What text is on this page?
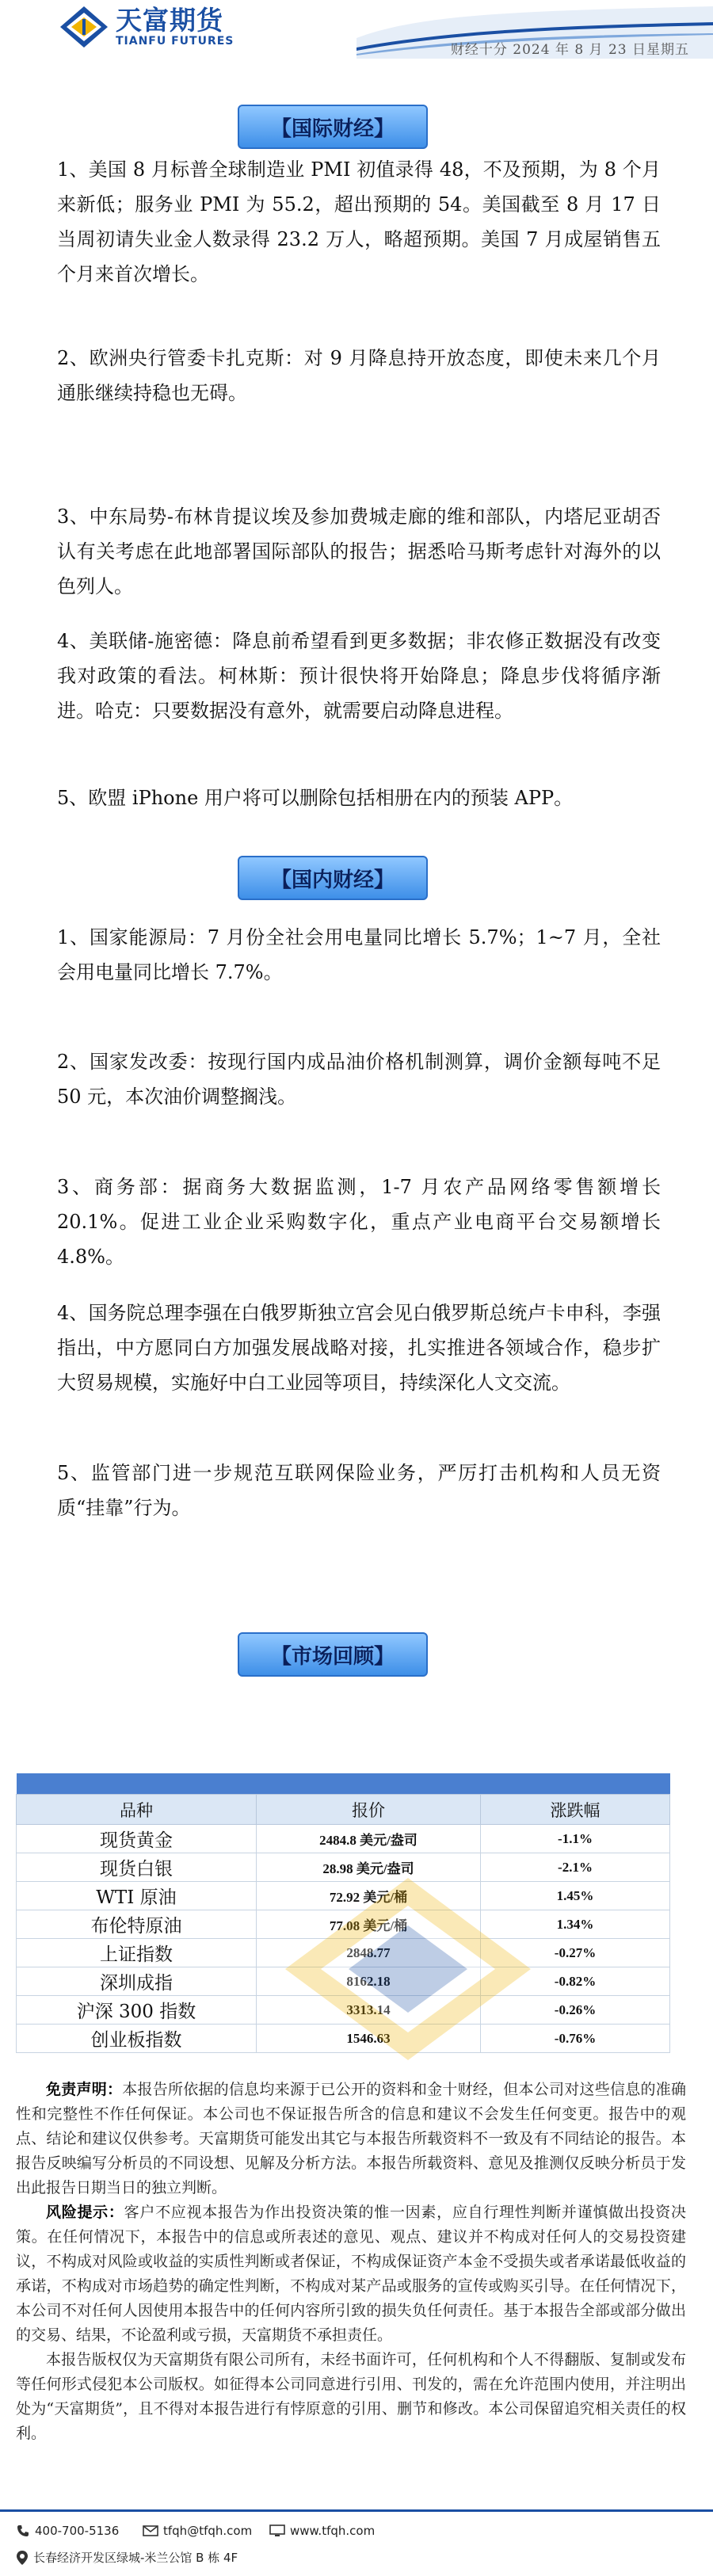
天富期货
TIANFU FUTURES
财经十分 2024 年 8 月 23 日星期五
【国际财经】
1、美国 8 月标普全球制造业 PMI 初值录得 48，不及预期，为 8 个月来新低；服务业 PMI 为 55.2，超出预期的 54。美国截至 8 月 17 日当周初请失业金人数录得 23.2 万人，略超预期。美国 7 月成屋销售五个月来首次增长。
2、欧洲央行管委卡扎克斯：对 9 月降息持开放态度，即使未来几个月通胀继续持稳也无碍。
3、中东局势-布林肯提议埃及参加费城走廊的维和部队，内塔尼亚胡否认有关考虑在此地部署国际部队的报告；据悉哈马斯考虑针对海外的以色列人。
4、美联储-施密德：降息前希望看到更多数据；非农修正数据没有改变我对政策的看法。柯林斯：预计很快将开始降息；降息步伐将循序渐进。哈克：只要数据没有意外，就需要启动降息进程。
5、欧盟 iPhone 用户将可以删除包括相册在内的预装 APP。
【国内财经】
1、国家能源局：7 月份全社会用电量同比增长 5.7%；1~7 月，全社会用电量同比增长 7.7%。
2、国家发改委：按现行国内成品油价格机制测算，调价金额每吨不足 50 元，本次油价调整搁浅。
3、商务部：据商务大数据监测，1-7 月农产品网络零售额增长 20.1%。促进工业企业采购数字化，重点产业电商平台交易额增长 4.8%。
4、国务院总理李强在白俄罗斯独立宫会见白俄罗斯总统卢卡申科，李强指出，中方愿同白方加强发展战略对接，扎实推进各领域合作，稳步扩大贸易规模，实施好中白工业园等项目，持续深化人文交流。
5、监管部门进一步规范互联网保险业务，严厉打击机构和人员无资质“挂靠”行为。
【市场回顾】

品种	报价	涨跌幅
现货黄金	2484.8 美元/盎司	-1.1%
现货白银	28.98 美元/盎司	-2.1%
WTI 原油	72.92 美元/桶	1.45%
布伦特原油	77.08 美元/桶	1.34%
上证指数	2848.77	-0.27%
深圳成指	8162.18	-0.82%
沪深 300 指数	3313.14	-0.26%
创业板指数	1546.63	-0.76%
免责声明：本报告所依据的信息均来源于已公开的资料和金十财经，但本公司对这些信息的准确性和完整性不作任何保证。本公司也不保证报告所含的信息和建议不会发生任何变更。报告中的观点、结论和建议仅供参考。天富期货可能发出其它与本报告所载资料不一致及有不同结论的报告。本报告反映编写分析员的不同设想、见解及分析方法。本报告所载资料、意见及推测仅反映分析员于发出此报告日期当日的独立判断。
风险提示：客户不应视本报告为作出投资决策的惟一因素，应自行理性判断并谨慎做出投资决策。在任何情况下，本报告中的信息或所表述的意见、观点、建议并不构成对任何人的交易投资建议，不构成对风险或收益的实质性判断或者保证，不构成保证资产本金不受损失或者承诺最低收益的承诺，不构成对市场趋势的确定性判断，不构成对某产品或服务的宣传或购买引导。在任何情况下，本公司不对任何人因使用本报告中的任何内容所引致的损失负任何责任。基于本报告全部或部分做出的交易、结果，不论盈利或亏损，天富期货不承担责任。
本报告版权仅为天富期货有限公司所有，未经书面许可，任何机构和个人不得翻版、复制或发布等任何形式侵犯本公司版权。如征得本公司同意进行引用、刊发的，需在允许范围内使用，并注明出处为“天富期货”，且不得对本报告进行有悖原意的引用、删节和修改。本公司保留追究相关责任的权利。
400-700-5136	tfqh@tfqh.com	www.tfqh.com
长春经济开发区绿城-米兰公馆 B 栋 4F
